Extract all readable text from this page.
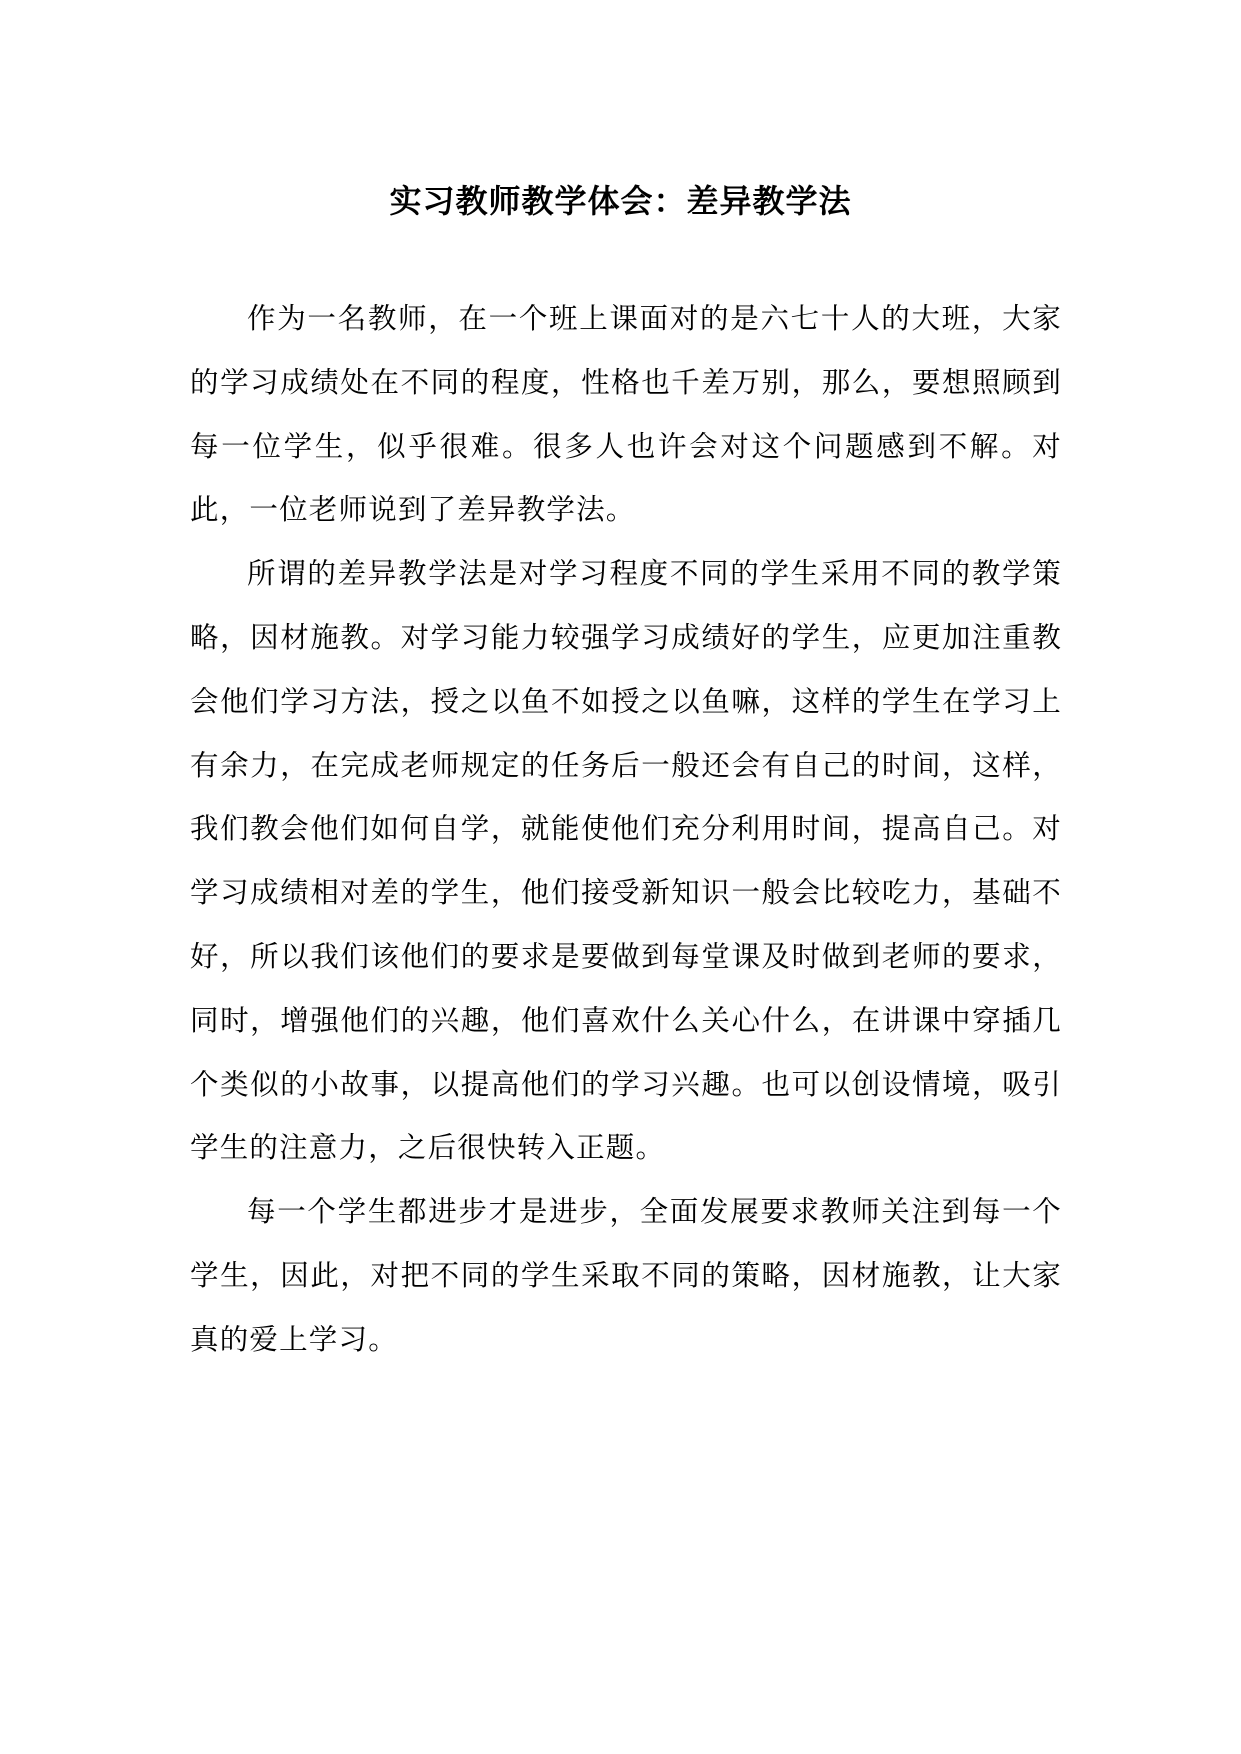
实习教师教学体会：差异教学法

作为一名教师，在一个班上课面对的是六七十人的大班，大家的学习成绩处在不同的程度，性格也千差万别，那么，要想照顾到每一位学生，似乎很难。很多人也许会对这个问题感到不解。对此，一位老师说到了差异教学法。

所谓的差异教学法是对学习程度不同的学生采用不同的教学策略，因材施教。对学习能力较强学习成绩好的学生，应更加注重教会他们学习方法，授之以鱼不如授之以鱼嘛，这样的学生在学习上有余力，在完成老师规定的任务后一般还会有自己的时间，这样，我们教会他们如何自学，就能使他们充分利用时间，提高自己。对学习成绩相对差的学生，他们接受新知识一般会比较吃力，基础不好，所以我们该他们的要求是要做到每堂课及时做到老师的要求，同时，增强他们的兴趣，他们喜欢什么关心什么，在讲课中穿插几个类似的小故事，以提高他们的学习兴趣。也可以创设情境，吸引学生的注意力，之后很快转入正题。

每一个学生都进步才是进步，全面发展要求教师关注到每一个学生，因此，对把不同的学生采取不同的策略，因材施教，让大家真的爱上学习。
